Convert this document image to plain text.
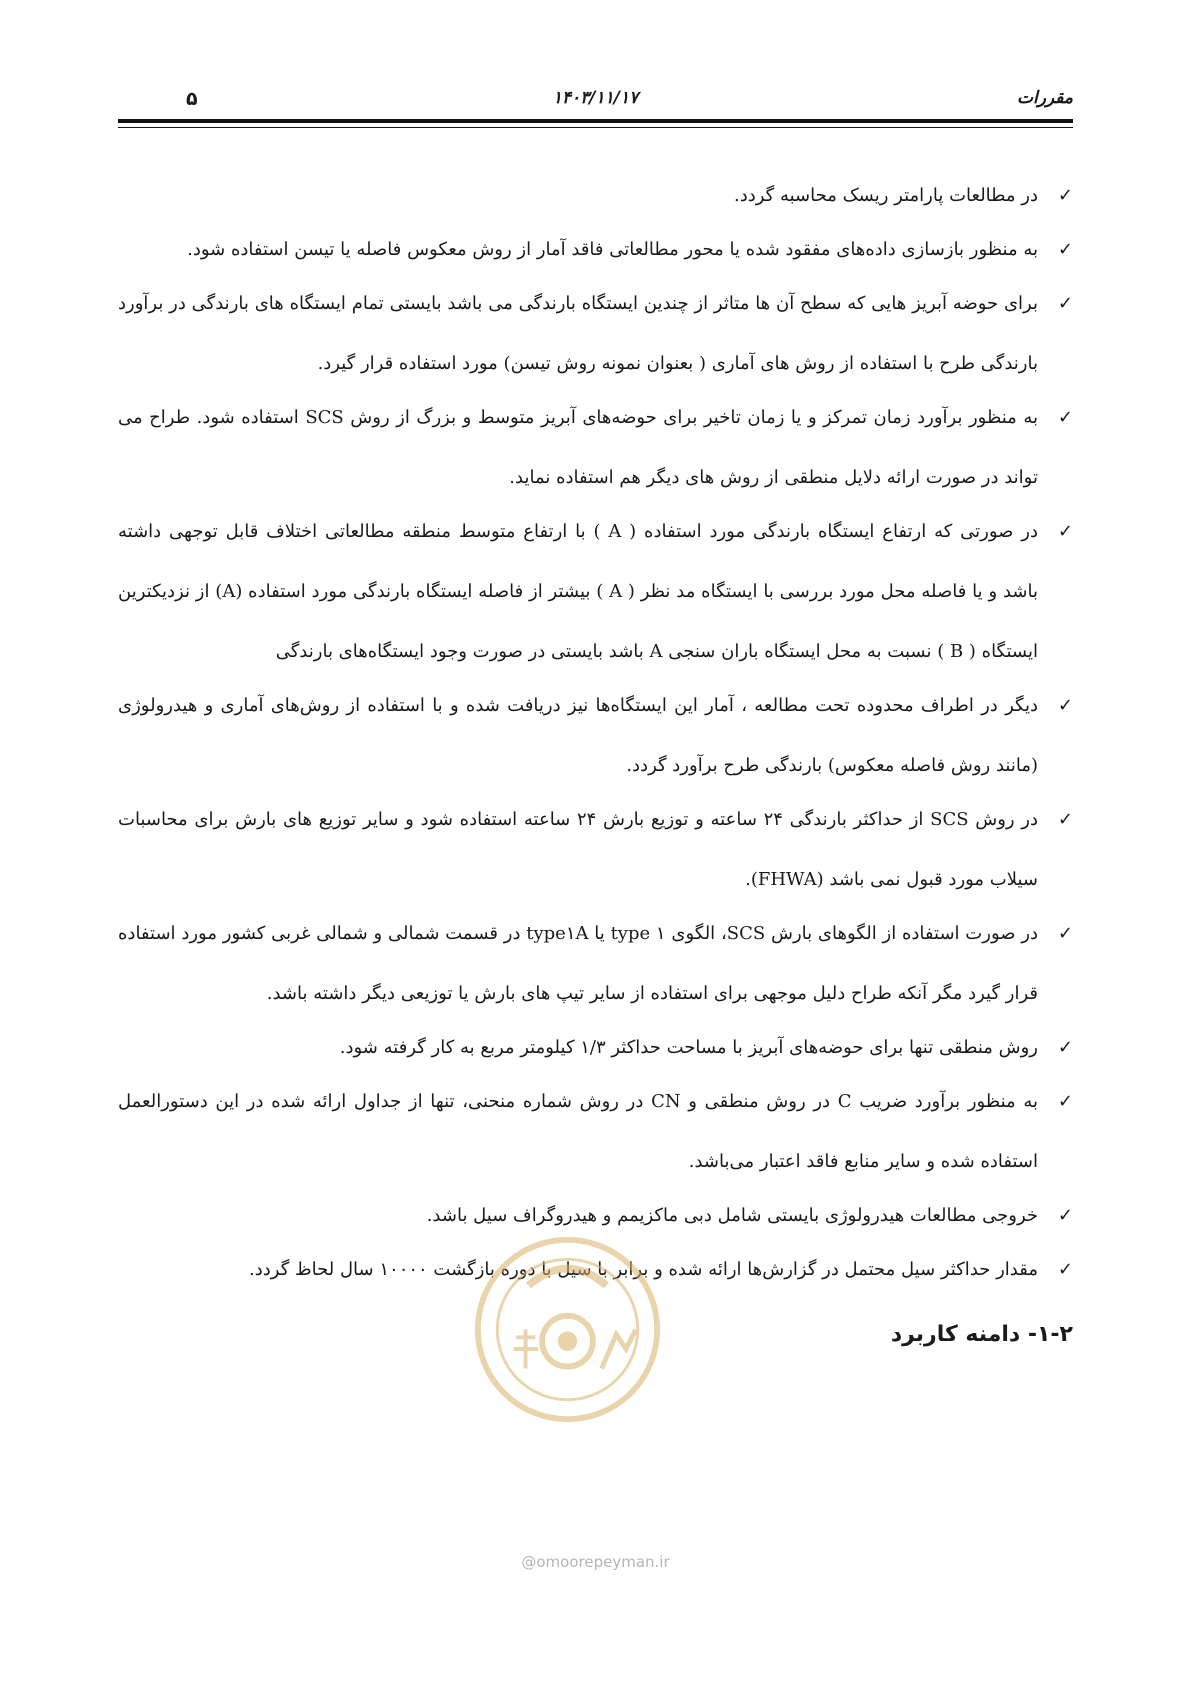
مقررات
۱۴۰۳/۱۱/۱۷
۵
✓
در مطالعات پارامتر ریسک محاسبه گردد.
✓
به منظور بازسازی داده‌های مفقود شده یا محور مطالعاتی فاقد آمار از روش معکوس فاصله یا تیسن استفاده شود.
✓
برای حوضه آبریز هایی که سطح آن ها متاثر از چندین ایستگاه بارندگی می باشد بایستی تمام ایستگاه های بارندگی در برآورد بارندگی طرح با استفاده از روش های آماری ( بعنوان نمونه روش تیسن) مورد استفاده قرار گیرد.
✓
به منظور برآورد زمان تمرکز و یا زمان تاخیر برای حوضه‌های آبریز متوسط و بزرگ از روش SCS استفاده شود. طراح می تواند در صورت ارائه دلایل منطقی از روش های دیگر هم استفاده نماید.
✓
در صورتی که ارتفاع ایستگاه بارندگی مورد استفاده ( A ) با ارتفاع متوسط منطقه مطالعاتی اختلاف قابل توجهی داشته باشد و یا فاصله محل مورد بررسی با ایستگاه مد نظر ( A ) بیشتر از فاصله ایستگاه بارندگی مورد استفاده (A) از نزدیکترین ایستگاه ( B ) نسبت به محل ایستگاه باران سنجی A باشد بایستی در صورت وجود ایستگاه‌های بارندگی
✓
دیگر در اطراف محدوده تحت مطالعه ، آمار این ایستگاه‌ها نیز دریافت شده و با استفاده از روش‌های آماری و هیدرولوژی (مانند روش فاصله معکوس) بارندگی طرح برآورد گردد.
✓
در روش SCS از حداکثر بارندگی ۲۴ ساعته و توزیع بارش ۲۴ ساعته استفاده شود و سایر توزیع های بارش برای محاسبات سیلاب مورد قبول نمی باشد (FHWA).
✓
در صورت استفاده از الگوهای بارش SCS، الگوی type ۱ یا type۱A در قسمت شمالی و شمالی غربی کشور مورد استفاده قرار گیرد مگر آنکه طراح دلیل موجهی برای استفاده از سایر تیپ های بارش یا توزیعی دیگر داشته باشد.
✓
روش منطقی تنها برای حوضه‌های آبریز با مساحت حداکثر ۱/۳ کیلومتر مربع به کار گرفته شود.
✓
به منظور برآورد ضریب C در روش منطقی و CN در روش شماره منحنی، تنها از جداول ارائه شده در این دستورالعمل استفاده شده و سایر منابع فاقد اعتبار می‌باشد.
✓
خروجی مطالعات هیدرولوژی بایستی شامل دبی ماکزیمم و هیدروگراف سیل باشد.
✓
مقدار حداکثر سیل محتمل در گزارش‌ها ارائه شده و برابر با سیل با دوره بازگشت ۱۰۰۰۰ سال لحاظ گردد.
۱-۲- دامنه کاربرد
@omoorepeyman.ir
